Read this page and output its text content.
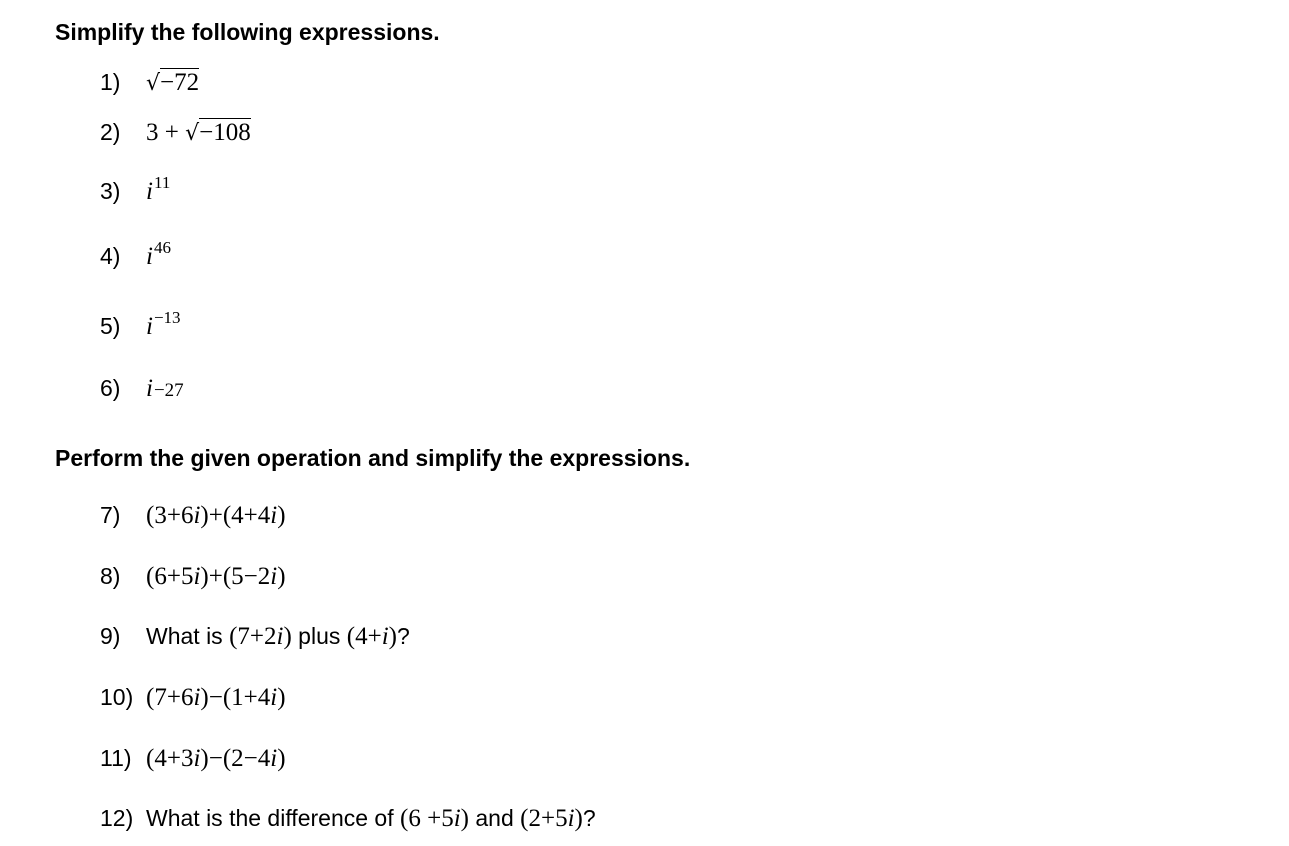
Simplify the following expressions.
1)	√ −72
2)	3 + √ −108
3)	i 11
4)	i 46
5)	i −13
6)	i −27
Perform the given operation and simplify the expressions.
7)	(3+6i)+(4+4i)
8)	(6+5i)+(5−2i)
9)	What is (7+2i) plus (4+i) ?
10) (7+6i)−(1+4i)
11) (4+3i)−(2−4i)
12) What is the difference of (6 +5i) and (2+5i) ?
